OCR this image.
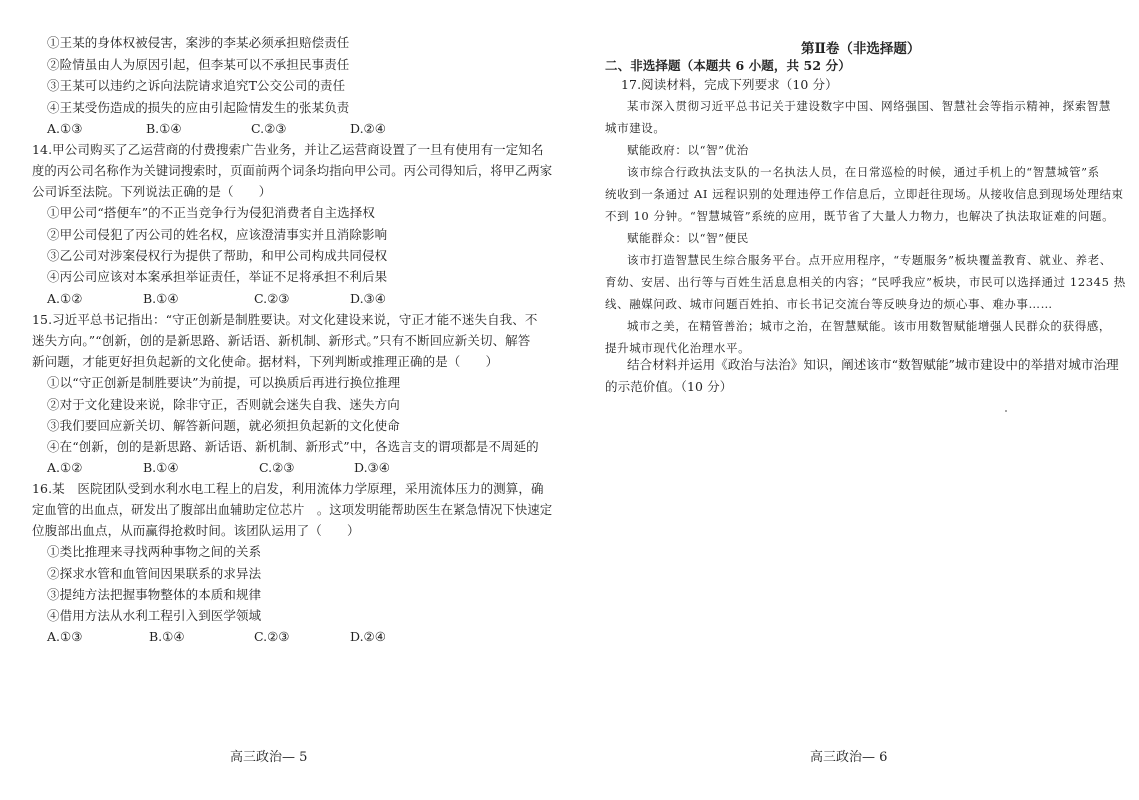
①王某的身体权被侵害，案涉的李某必须承担赔偿责任
②险情虽由人为原因引起，但李某可以不承担民事责任
③王某可以违约之诉向法院请求追究T公交公司的责任
④王某受伤造成的损失的应由引起险情发生的张某负责
A.①③	B.①④	C.②③	D.②④
14.甲公司购买了乙运营商的付费搜索广告业务，并让乙运营商设置了一旦有使用有一定知名
度的丙公司名称作为关键词搜索时，页面前两个词条均指向甲公司。丙公司得知后，将甲乙两家
公司诉至法院。下列说法正确的是（　　）
①甲公司“搭便车”的不正当竞争行为侵犯消费者自主选择权
②甲公司侵犯了丙公司的姓名权，应该澄清事实并且消除影响
③乙公司对涉案侵权行为提供了帮助，和甲公司构成共同侵权
④丙公司应该对本案承担举证责任，举证不足将承担不利后果
A.①②	B.①④	C.②③	D.③④
15.习近平总书记指出：“守正创新是制胜要诀。对文化建设来说，守正才能不迷失自我、不
迷失方向。”“创新，创的是新思路、新话语、新机制、新形式。”只有不断回应新关切、解答
新问题，才能更好担负起新的文化使命。据材料，下列判断或推理正确的是（　　）
①以“守正创新是制胜要诀”为前提，可以换质后再进行换位推理
②对于文化建设来说，除非守正，否则就会迷失自我、迷失方向
③我们要回应新关切、解答新问题，就必须担负起新的文化使命
④在“创新，创的是新思路、新话语、新机制、新形式”中，各选言支的谓项都是不周延的
A.①②	B.①④	C.②③	D.③④
16.某　医院团队受到水利水电工程上的启发，利用流体力学原理，采用流体压力的测算，确
定血管的出血点，研发出了腹部出血辅助定位芯片　。这项发明能帮助医生在紧急情况下快速定
位腹部出血点，从而赢得抢救时间。该团队运用了（　　）
①类比推理来寻找两种事物之间的关系
②探求水管和血管间因果联系的求异法
③提纯方法把握事物整体的本质和规律
④借用方法从水利工程引入到医学领域
A.①③	B.①④	C.②③	D.②④
高三政治— 5
第Ⅱ卷（非选择题）
二、非选择题（本题共 6 小题，共 52 分）
17.阅读材料，完成下列要求（10 分）
某市深入贯彻习近平总书记关于建设数字中国、网络强国、智慧社会等指示精神，探索智慧
城市建设。
赋能政府：以“智”优治
该市综合行政执法支队的一名执法人员，在日常巡检的时候，通过手机上的“智慧城管”系
统收到一条通过 AI 远程识别的处理违停工作信息后，立即赶往现场。从接收信息到现场处理结束
不到 10 分钟。“智慧城管”系统的应用，既节省了大量人力物力，也解决了执法取证难的问题。
赋能群众：以“智”便民
该市打造智慧民生综合服务平台。点开应用程序，“专题服务”板块覆盖教育、就业、养老、
育幼、安居、出行等与百姓生活息息相关的内容；“民呼我应”板块，市民可以选择通过 12345 热
线、融媒问政、城市问题百姓拍、市长书记交流台等反映身边的烦心事、难办事……
城市之美，在精管善治；城市之治，在智慧赋能。该市用数智赋能增强人民群众的获得感，
提升城市现代化治理水平。
结合材料并运用《政治与法治》知识，阐述该市“数智赋能”城市建设中的举措对城市治理
的示范价值。（10 分）
高三政治— 6
